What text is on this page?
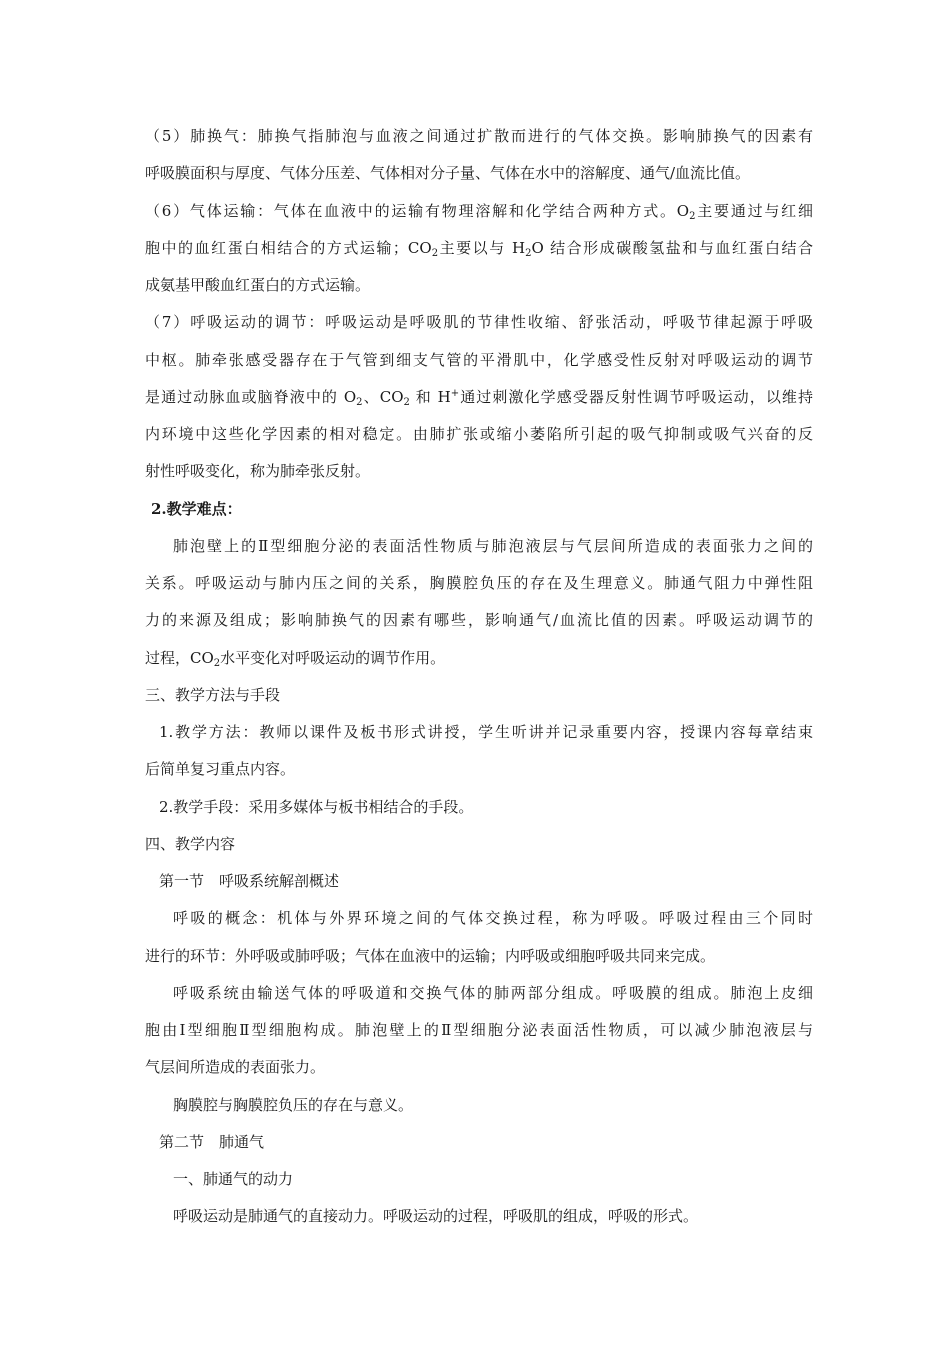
（5）肺换气：肺换气指肺泡与血液之间通过扩散而进行的气体交换。影响肺换气的因素有
呼吸膜面积与厚度、气体分压差、气体相对分子量、气体在水中的溶解度、通气/血流比值。
（6）气体运输：气体在血液中的运输有物理溶解和化学结合两种方式。$O_2$主要通过与红细
胞中的血红蛋白相结合的方式运输；$CO_2$主要以与 $H_2O$ 结合形成碳酸氢盐和与血红蛋白结合
成氨基甲酸血红蛋白的方式运输。
（7）呼吸运动的调节：呼吸运动是呼吸肌的节律性收缩、舒张活动，呼吸节律起源于呼吸
中枢。肺牵张感受器存在于气管到细支气管的平滑肌中，化学感受性反射对呼吸运动的调节
是通过动脉血或脑脊液中的 $O_2$、$CO_2$ 和 H+通过刺激化学感受器反射性调节呼吸运动，以维持
内环境中这些化学因素的相对稳定。由肺扩张或缩小萎陷所引起的吸气抑制或吸气兴奋的反
射性呼吸变化，称为肺牵张反射。
2.教学难点：
肺泡壁上的Ⅱ型细胞分泌的表面活性物质与肺泡液层与气层间所造成的表面张力之间的
关系。呼吸运动与肺内压之间的关系，胸膜腔负压的存在及生理意义。肺通气阻力中弹性阻
力的来源及组成；影响肺换气的因素有哪些，影响通气/血流比值的因素。呼吸运动调节的
过程，$CO_2$水平变化对呼吸运动的调节作用。
三、教学方法与手段
1.教学方法：教师以课件及板书形式讲授，学生听讲并记录重要内容，授课内容每章结束
后简单复习重点内容。
2.教学手段：采用多媒体与板书相结合的手段。
四、教学内容
第一节　呼吸系统解剖概述
呼吸的概念：机体与外界环境之间的气体交换过程，称为呼吸。呼吸过程由三个同时
进行的环节：外呼吸或肺呼吸；气体在血液中的运输；内呼吸或细胞呼吸共同来完成。
呼吸系统由输送气体的呼吸道和交换气体的肺两部分组成。呼吸膜的组成。肺泡上皮细
胞由Ⅰ型细胞Ⅱ型细胞构成。肺泡壁上的Ⅱ型细胞分泌表面活性物质，可以减少肺泡液层与
气层间所造成的表面张力。
胸膜腔与胸膜腔负压的存在与意义。
第二节　肺通气
一、肺通气的动力
呼吸运动是肺通气的直接动力。呼吸运动的过程，呼吸肌的组成，呼吸的形式。
